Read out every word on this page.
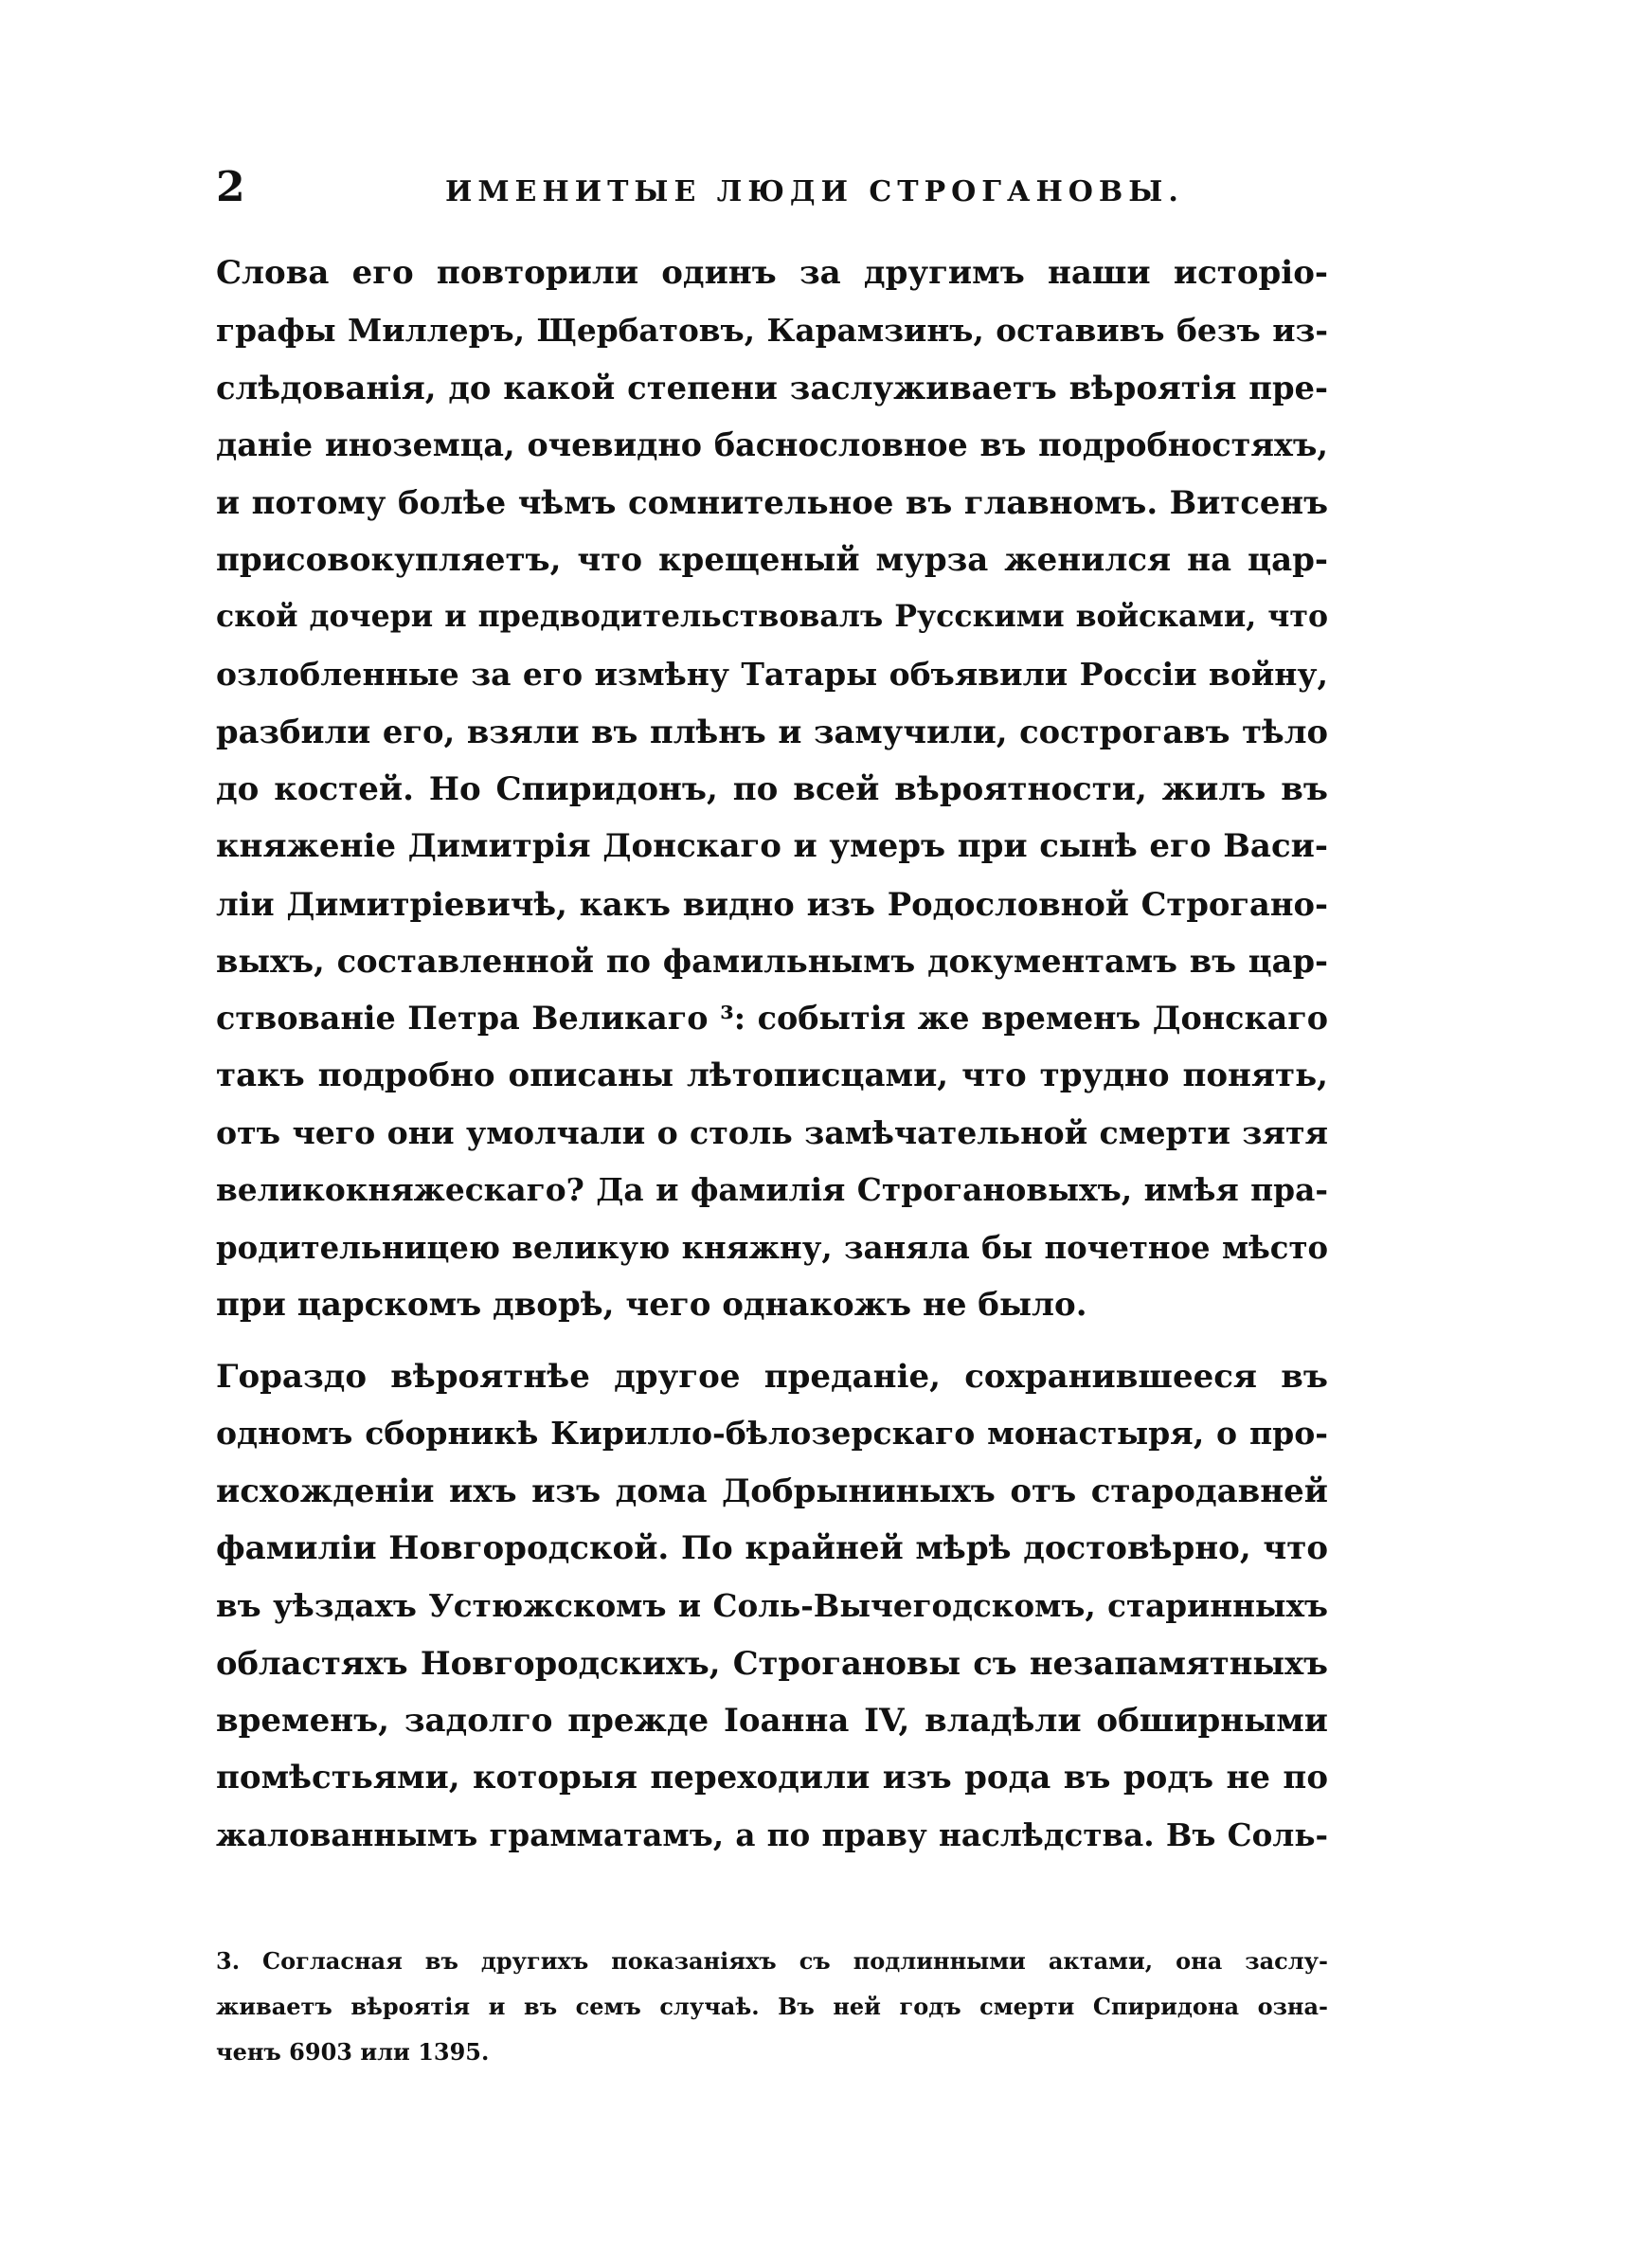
2	ИМЕНИТЫЕ ЛЮДИ СТРОГАНОВЫ.
Слова его повторили одинъ за другимъ наши исторіо-
графы Миллеръ, Щербатовъ, Карамзинъ, оставивъ безъ из-
слѣдованія, до какой степени заслуживаетъ вѣроятія пре-
даніе иноземца, очевидно баснословное въ подробностяхъ,
и потому болѣе чѣмъ сомнительное въ главномъ. Витсенъ
присовокупляетъ, что крещеный мурза женился на цар-
ской дочери и предводительствовалъ Русскими войсками, что
озлобленные за его измѣну Татары объявили Россіи войну,
разбили его, взяли въ плѣнъ и замучили, сострогавъ тѣло
до костей. Но Спиридонъ, по всей вѣроятности, жилъ въ
княженіе Димитрія Донскаго и умеръ при сынѣ его Васи-
ліи Димитріевичѣ, какъ видно изъ Родословной Строгано-
выхъ, составленной по фамильнымъ документамъ въ цар-
ствованіе Петра Великаго ³: событія же временъ Донскаго
такъ подробно описаны лѣтописцами, что трудно понять,
отъ чего они умолчали о столь замѣчательной смерти зятя
великокняжескаго? Да и фамилія Строгановыхъ, имѣя пра-
родительницею великую княжну, заняла бы почетное мѣсто
при царскомъ дворѣ, чего однакожъ не было.
Гораздо вѣроятнѣе другое преданіе, сохранившееся въ
одномъ сборникѣ Кирилло-бѣлозерскаго монастыря, о про-
исхожденіи ихъ изъ дома Добрыниныхъ отъ стародавней
фамиліи Новгородской. По крайней мѣрѣ достовѣрно, что
въ уѣздахъ Устюжскомъ и Соль-Вычегодскомъ, старинныхъ
областяхъ Новгородскихъ, Строгановы съ незапамятныхъ
временъ, задолго прежде Іоанна IV, владѣли обширными
помѣстьями, которыя переходили изъ рода въ родъ не по
жалованнымъ грамматамъ, а по праву наслѣдства. Въ Соль-
3. Согласная въ другихъ показаніяхъ съ подлинными актами, она заслу-
живаетъ вѣроятія и въ семъ случаѣ. Въ ней годъ смерти Спиридона озна-
ченъ 6903 или 1395.
